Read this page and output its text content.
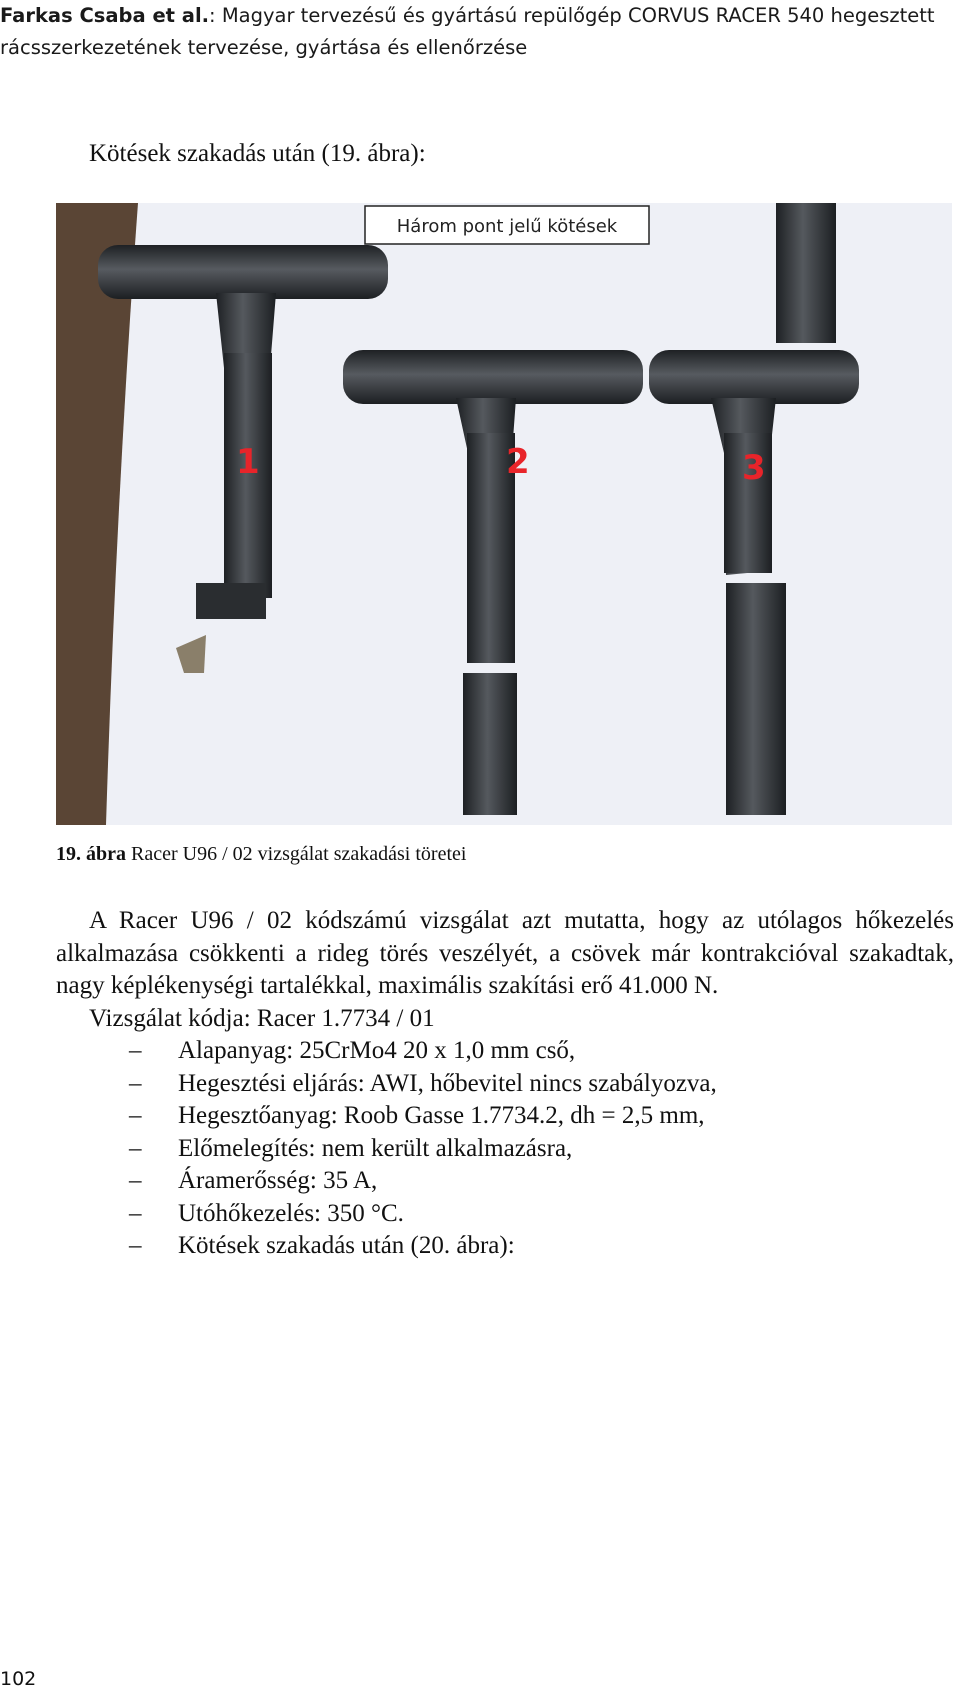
Farkas Csaba et al.: Magyar tervezésű és gyártású repülőgép CORVUS RACER 540 hegesztett rácsszerkezetének tervezése, gyártása és ellenőrzése
Kötések szakadás után (19. ábra):
Három pont jelű kötések
1	2	3
19. ábra Racer U96 / 02 vizsgálat szakadási töretei

A Racer U96 / 02 kódszámú vizsgálat azt mutatta, hogy az utólagos hőkezelés alkalmazása csökkenti a rideg törés veszélyét, a csövek már kontrakcióval szakadtak, nagy képlékenységi tartalékkal, maximális szakítási erő 41.000 N.

Vizsgálat kódja: Racer 1.7734 / 01

– Alapanyag: 25CrMo4 20 x 1,0 mm cső,
– Hegesztési eljárás: AWI, hőbevitel nincs szabályozva,
– Hegesztőanyag: Roob Gasse 1.7734.2, dh = 2,5 mm,
– Előmelegítés: nem került alkalmazásra,
– Áramerősség: 35 A,
– Utóhőkezelés: 350 °C.
– Kötések szakadás után (20. ábra):
102
